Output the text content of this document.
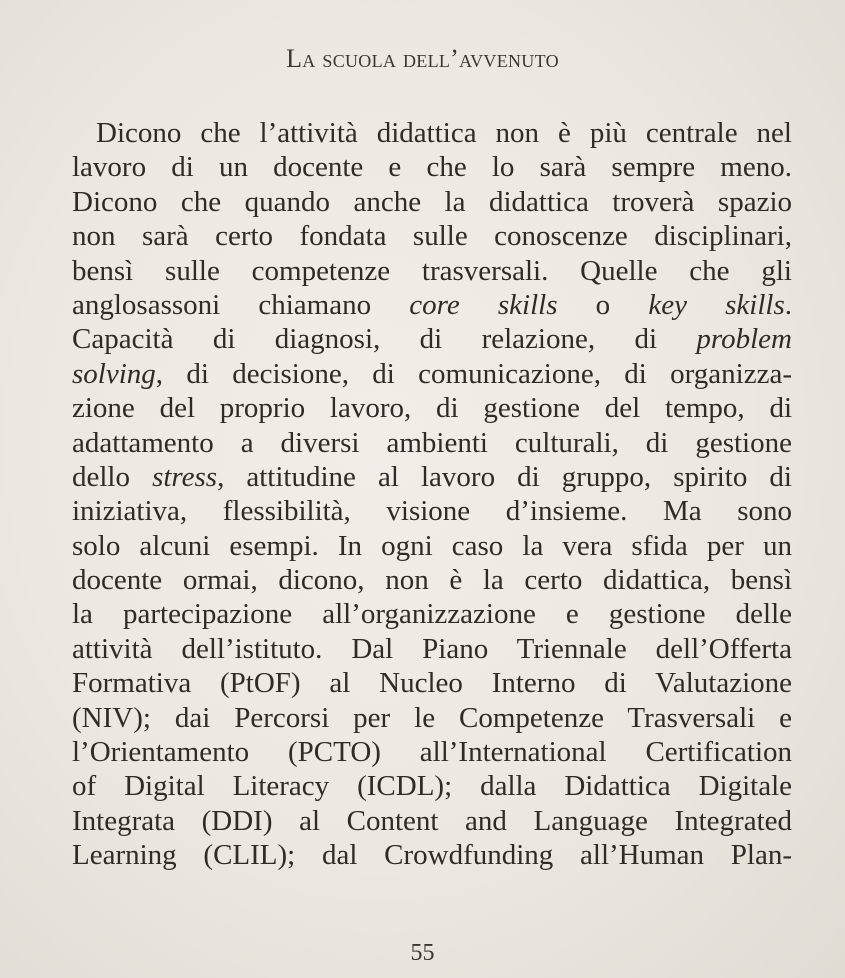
La scuola dell’avvenuto

Dicono che l’attività didattica non è più centrale nel
lavoro di un docente e che lo sarà sempre meno.
Dicono che quando anche la didattica troverà spazio
non sarà certo fondata sulle conoscenze disciplinari,
bensì sulle competenze trasversali. Quelle che gli
anglosassoni chiamano core skills o key skills.
Capacità di diagnosi, di relazione, di problem
solving, di decisione, di comunicazione, di organizza-
zione del proprio lavoro, di gestione del tempo, di
adattamento a diversi ambienti culturali, di gestione
dello stress, attitudine al lavoro di gruppo, spirito di
iniziativa, flessibilità, visione d’insieme. Ma sono
solo alcuni esempi. In ogni caso la vera sfida per un
docente ormai, dicono, non è la certo didattica, bensì
la partecipazione all’organizzazione e gestione delle
attività dell’istituto. Dal Piano Triennale dell’Offerta
Formativa (PtOF) al Nucleo Interno di Valutazione
(NIV); dai Percorsi per le Competenze Trasversali e
l’Orientamento (PCTO) all’International Certification
of Digital Literacy (ICDL); dalla Didattica Digitale
Integrata (DDI) al Content and Language Integrated
Learning (CLIL); dal Crowdfunding all’Human Plan-

55
